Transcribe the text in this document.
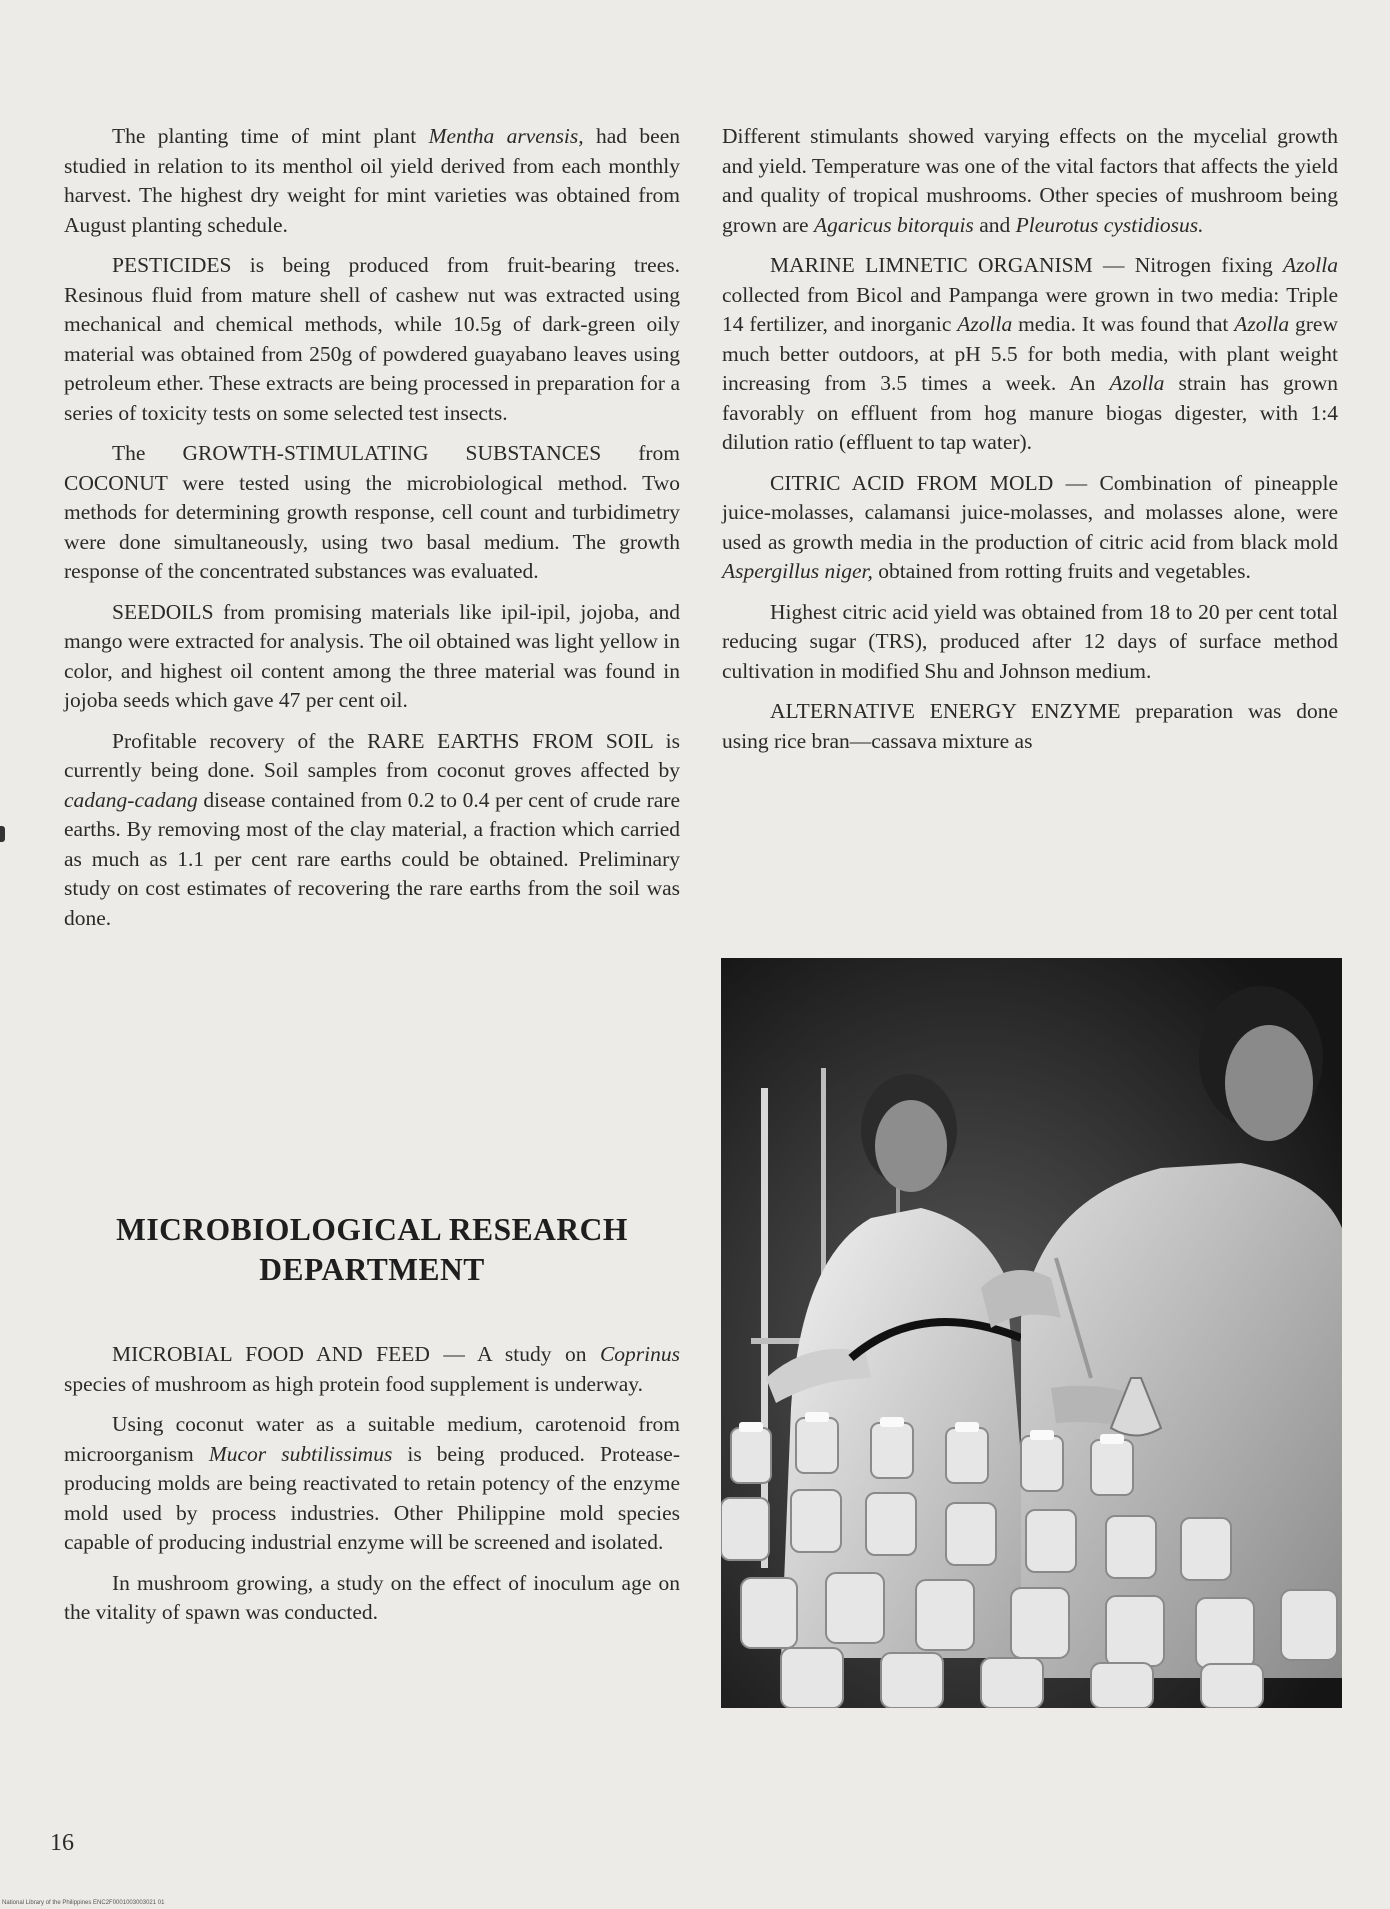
The planting time of mint plant Mentha arvensis, had been studied in relation to its menthol oil yield derived from each monthly harvest. The highest dry weight for mint varieties was obtained from August planting schedule.

PESTICIDES is being produced from fruit-bearing trees. Resinous fluid from mature shell of cashew nut was extracted using mechanical and chemical methods, while 10.5g of dark-green oily material was obtained from 250g of powdered guayabano leaves using petroleum ether. These extracts are being processed in preparation for a series of toxicity tests on some selected test insects.

The GROWTH-STIMULATING SUBSTANCES from COCONUT were tested using the microbiological method. Two methods for determining growth response, cell count and turbidimetry were done simultaneously, using two basal medium. The growth response of the concentrated substances was evaluated.

SEEDOILS from promising materials like ipil-ipil, jojoba, and mango were extracted for analysis. The oil obtained was light yellow in color, and highest oil content among the three material was found in jojoba seeds which gave 47 per cent oil.

Profitable recovery of the RARE EARTHS FROM SOIL is currently being done. Soil samples from coconut groves affected by cadang-cadang disease contained from 0.2 to 0.4 per cent of crude rare earths. By removing most of the clay material, a fraction which carried as much as 1.1 per cent rare earths could be obtained. Preliminary study on cost estimates of recovering the rare earths from the soil was done.

MICROBIOLOGICAL RESEARCH
DEPARTMENT

MICROBIAL FOOD AND FEED — A study on Coprinus species of mushroom as high protein food supplement is underway.

Using coconut water as a suitable medium, carotenoid from microorganism Mucor subtilissimus is being produced. Protease-producing molds are being reactivated to retain potency of the enzyme mold used by process industries. Other Philippine mold species capable of producing industrial enzyme will be screened and isolated.

In mushroom growing, a study on the effect of inoculum age on the vitality of spawn was conducted.

Different stimulants showed varying effects on the mycelial growth and yield. Temperature was one of the vital factors that affects the yield and quality of tropical mushrooms. Other species of mushroom being grown are Agaricus bitorquis and Pleurotus cystidiosus.

MARINE LIMNETIC ORGANISM — Nitrogen fixing Azolla collected from Bicol and Pampanga were grown in two media: Triple 14 fertilizer, and inorganic Azolla media. It was found that Azolla grew much better outdoors, at pH 5.5 for both media, with plant weight increasing from 3.5 times a week. An Azolla strain has grown favorably on effluent from hog manure biogas digester, with 1:4 dilution ratio (effluent to tap water).

CITRIC ACID FROM MOLD — Combination of pineapple juice-molasses, calamansi juice-molasses, and molasses alone, were used as growth media in the production of citric acid from black mold Aspergillus niger, obtained from rotting fruits and vegetables.

Highest citric acid yield was obtained from 18 to 20 per cent total reducing sugar (TRS), produced after 12 days of surface method cultivation in modified Shu and Johnson medium.

ALTERNATIVE ENERGY ENZYME preparation was done using rice bran—cassava mixture as

16
National Library of the Philippines ENC2F0001003003021 01
